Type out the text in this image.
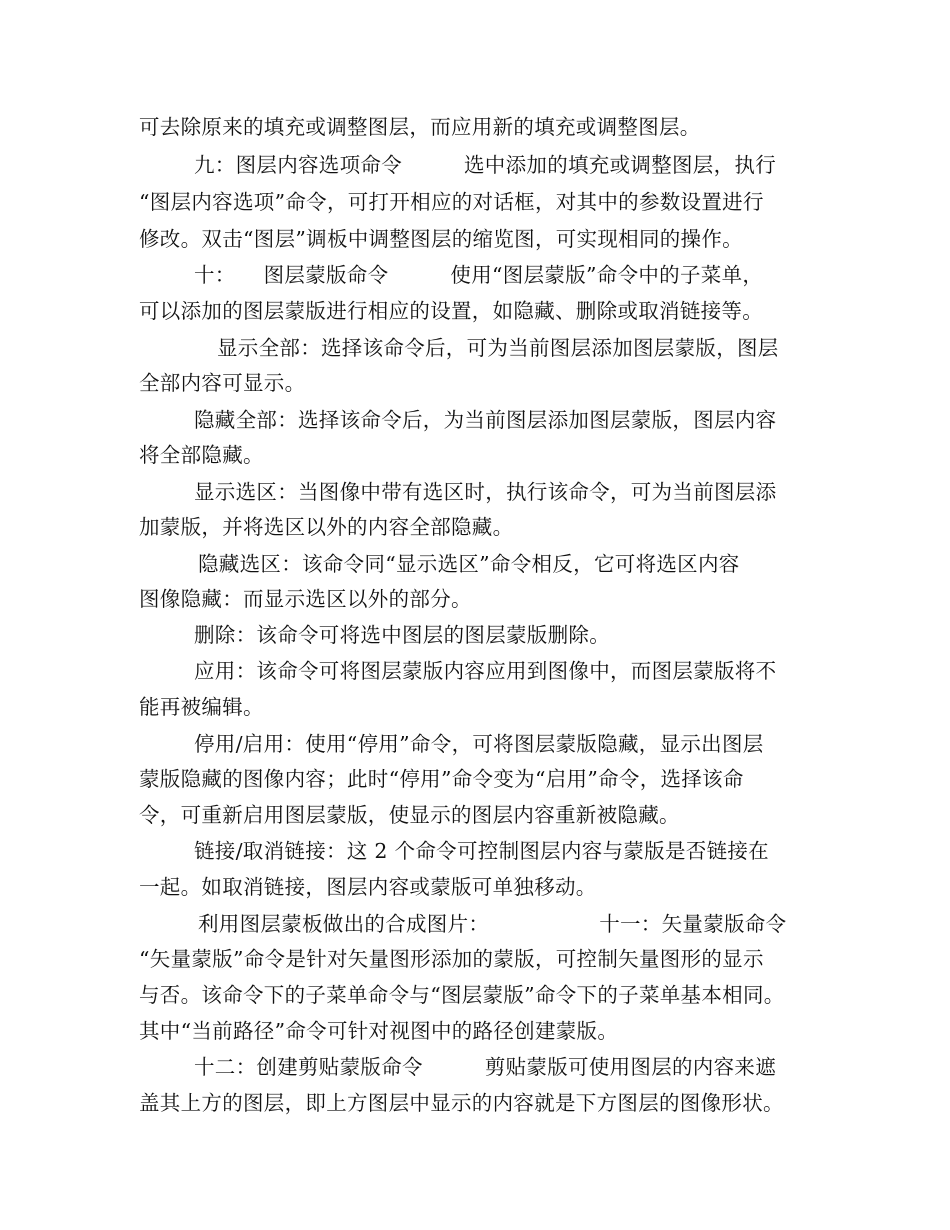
可去除原来的填充或调整图层，而应用新的填充或调整图层。
九：图层内容选项命令	选中添加的填充或调整图层，执行
“图层内容选项”命令，可打开相应的对话框，对其中的参数设置进行
修改。双击“图层”调板中调整图层的缩览图，可实现相同的操作。
十： 图层蒙版命令	使用“图层蒙版”命令中的子菜单，
可以添加的图层蒙版进行相应的设置，如隐藏、删除或取消链接等。
显示全部：选择该命令后，可为当前图层添加图层蒙版，图层
全部内容可显示。
隐藏全部：选择该命令后，为当前图层添加图层蒙版，图层内容
将全部隐藏。
显示选区：当图像中带有选区时，执行该命令，可为当前图层添
加蒙版，并将选区以外的内容全部隐藏。
隐藏选区：该命令同“显示选区”命令相反，它可将选区内容
图像隐藏：而显示选区以外的部分。
删除：该命令可将选中图层的图层蒙版删除。
应用：该命令可将图层蒙版内容应用到图像中，而图层蒙版将不
能再被编辑。
停用/启用：使用“停用”命令，可将图层蒙版隐藏，显示出图层
蒙版隐藏的图像内容；此时“停用”命令变为“启用”命令，选择该命
令，可重新启用图层蒙版，使显示的图层内容重新被隐藏。
链接/取消链接：这 2 个命令可控制图层内容与蒙版是否链接在
一起。如取消链接，图层内容或蒙版可单独移动。
利用图层蒙板做出的合成图片：	十一：矢量蒙版命令
“矢量蒙版”命令是针对矢量图形添加的蒙版，可控制矢量图形的显示
与否。该命令下的子菜单命令与“图层蒙版”命令下的子菜单基本相同。
其中“当前路径”命令可针对视图中的路径创建蒙版。
十二：创建剪贴蒙版命令	剪贴蒙版可使用图层的内容来遮
盖其上方的图层，即上方图层中显示的内容就是下方图层的图像形状。
